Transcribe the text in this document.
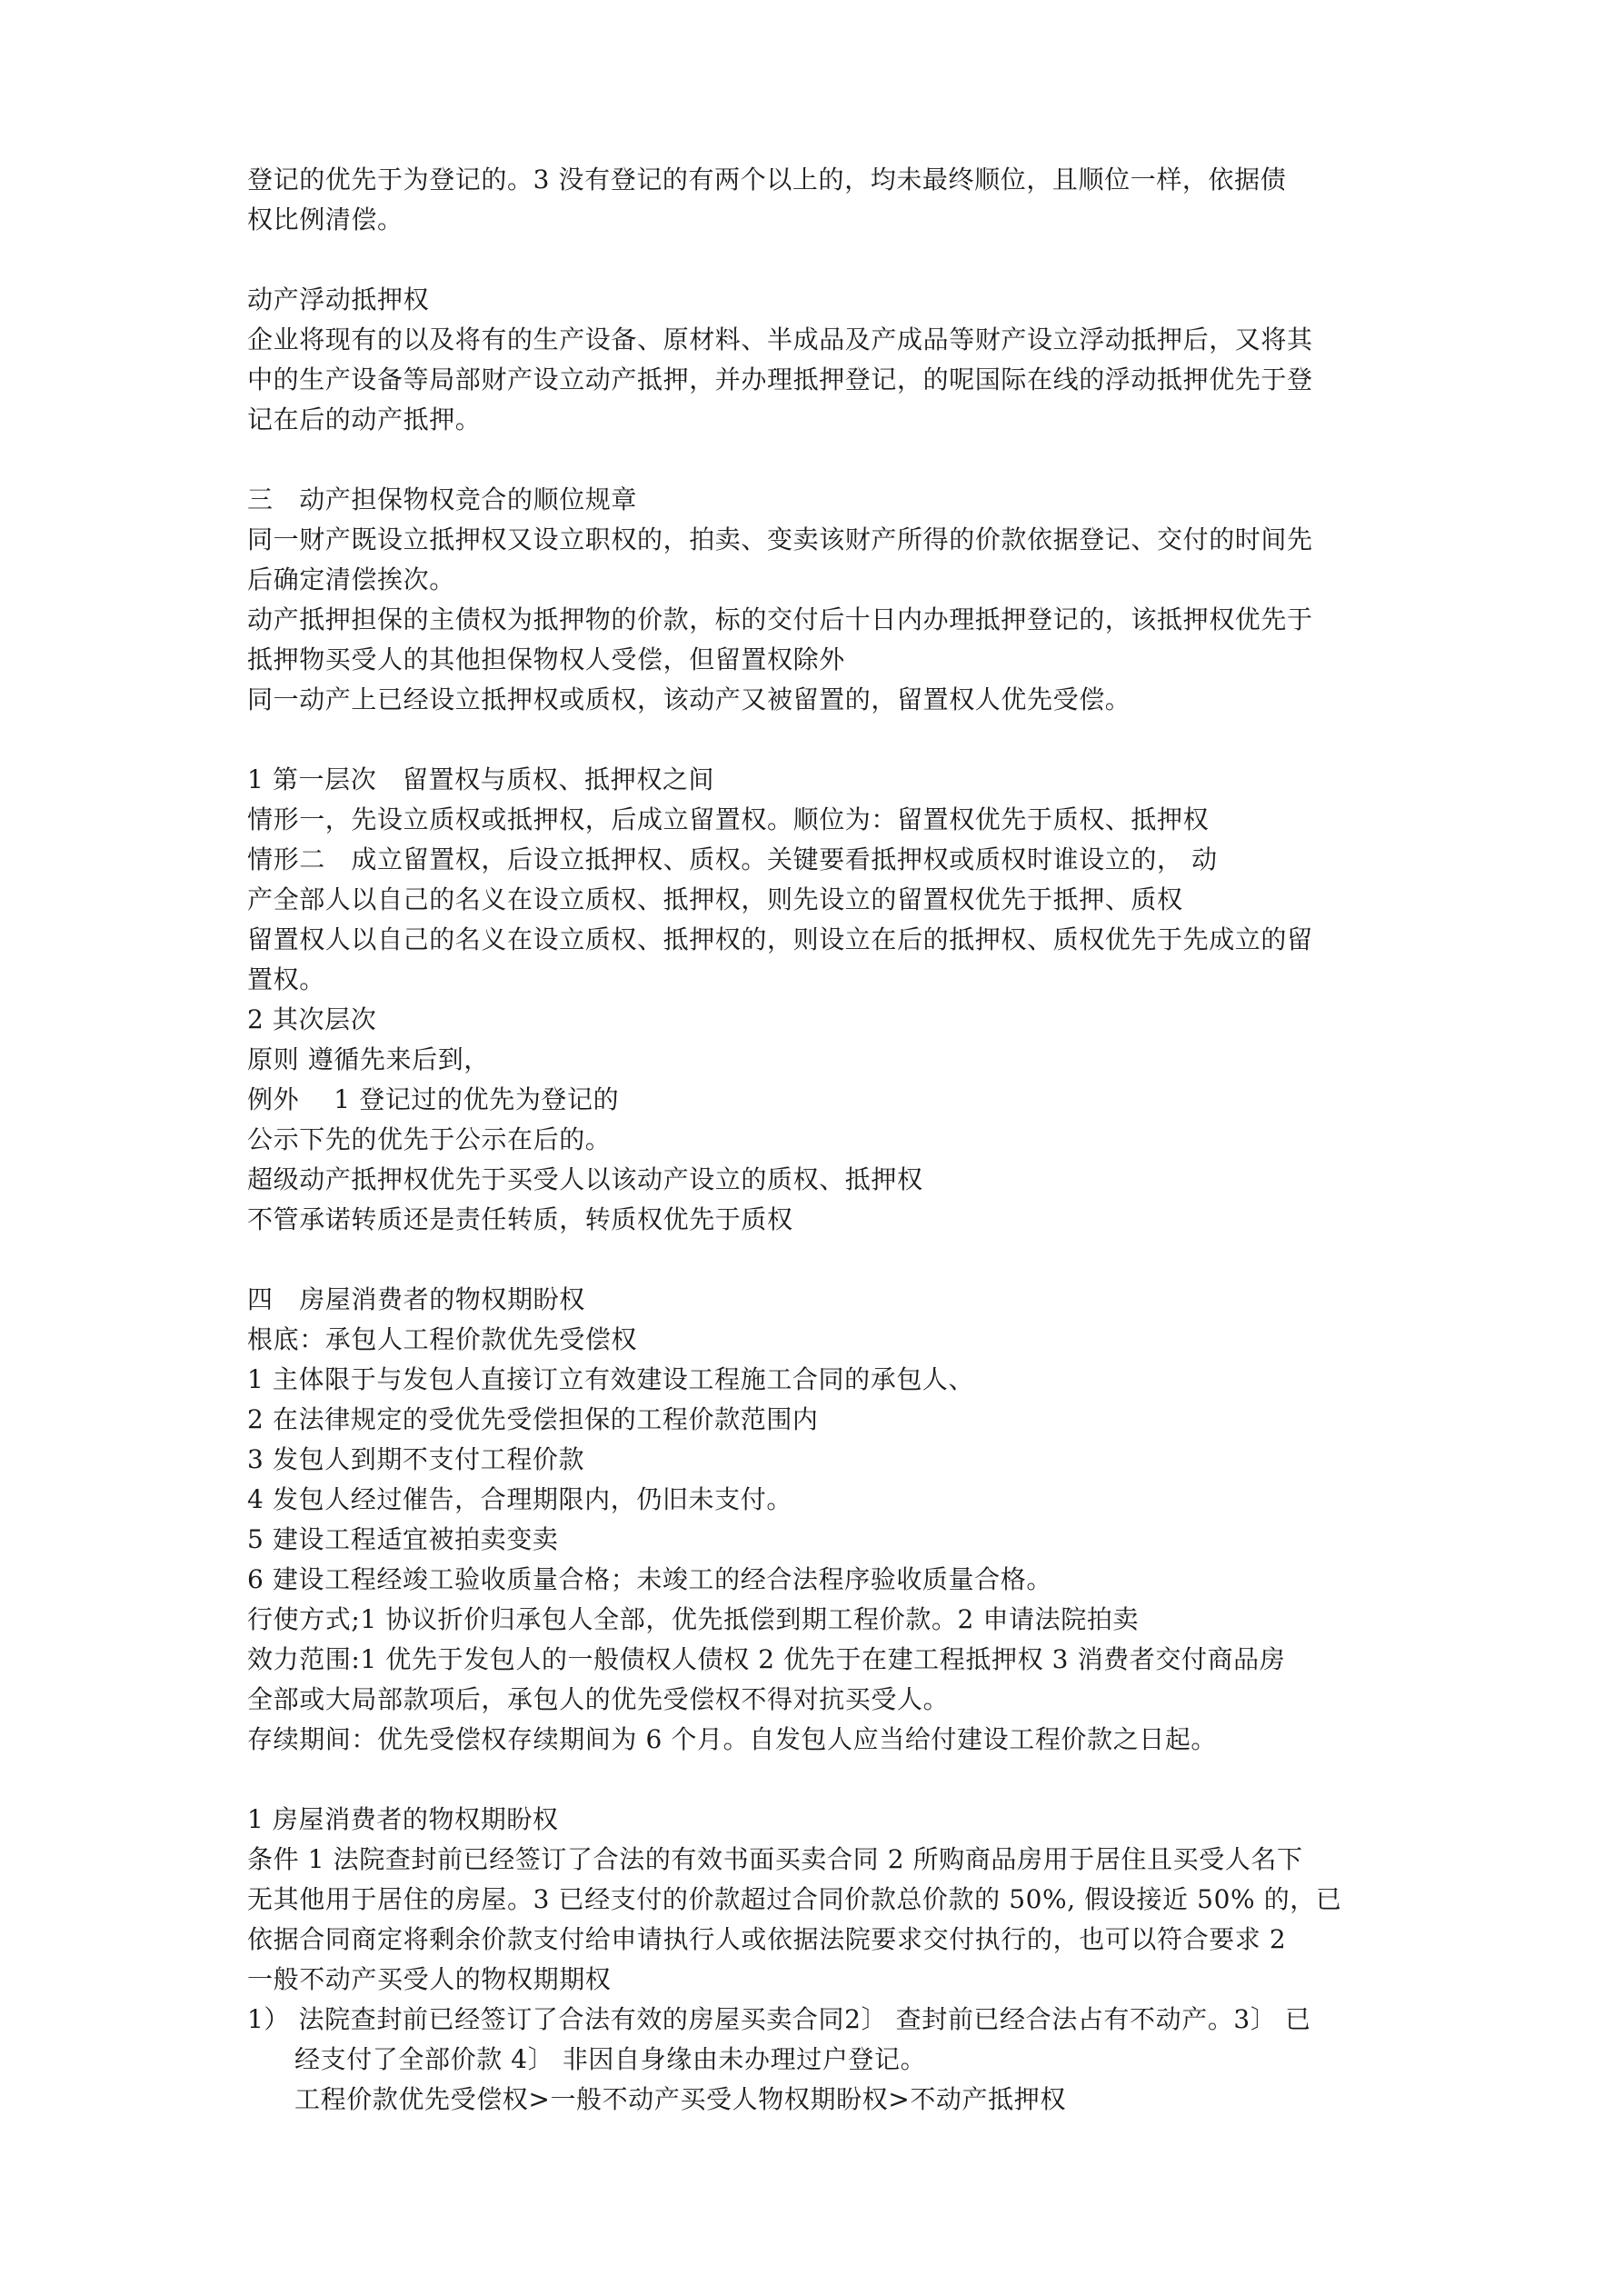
登记的优先于为登记的。3 没有登记的有两个以上的，均未最终顺位，且顺位一样，依据债
权比例清偿。
动产浮动抵押权
企业将现有的以及将有的生产设备、原材料、半成品及产成品等财产设立浮动抵押后，又将其
中的生产设备等局部财产设立动产抵押，并办理抵押登记，的呢国际在线的浮动抵押优先于登
记在后的动产抵押。
三　动产担保物权竞合的顺位规章
同一财产既设立抵押权又设立职权的，拍卖、变卖该财产所得的价款依据登记、交付的时间先
后确定清偿挨次。
动产抵押担保的主债权为抵押物的价款，标的交付后十日内办理抵押登记的，该抵押权优先于
抵押物买受人的其他担保物权人受偿，但留置权除外
同一动产上已经设立抵押权或质权，该动产又被留置的，留置权人优先受偿。
1 第一层次　留置权与质权、抵押权之间
情形一，先设立质权或抵押权，后成立留置权。顺位为：留置权优先于质权、抵押权
情形二　成立留置权，后设立抵押权、质权。关键要看抵押权或质权时谁设立的， 动
产全部人以自己的名义在设立质权、抵押权，则先设立的留置权优先于抵押、质权
留置权人以自己的名义在设立质权、抵押权的，则设立在后的抵押权、质权优先于先成立的留
置权。
2 其次层次
原则 遵循先来后到，
例外　 1 登记过的优先为登记的
公示下先的优先于公示在后的。
超级动产抵押权优先于买受人以该动产设立的质权、抵押权
不管承诺转质还是责任转质，转质权优先于质权
四　房屋消费者的物权期盼权
根底：承包人工程价款优先受偿权
1 主体限于与发包人直接订立有效建设工程施工合同的承包人、
2 在法律规定的受优先受偿担保的工程价款范围内
3 发包人到期不支付工程价款
4 发包人经过催告，合理期限内，仍旧未支付。
5 建设工程适宜被拍卖变卖
6 建设工程经竣工验收质量合格；未竣工的经合法程序验收质量合格。
行使方式;1 协议折价归承包人全部，优先抵偿到期工程价款。2 申请法院拍卖
效力范围:1 优先于发包人的一般债权人债权 2 优先于在建工程抵押权 3 消费者交付商品房
全部或大局部款项后，承包人的优先受偿权不得对抗买受人。
存续期间：优先受偿权存续期间为 6 个月。自发包人应当给付建设工程价款之日起。
1 房屋消费者的物权期盼权
条件 1 法院查封前已经签订了合法的有效书面买卖合同 2 所购商品房用于居住且买受人名下
无其他用于居住的房屋。3 已经支付的价款超过合同价款总价款的 50%, 假设接近 50% 的，已
依据合同商定将剩余价款支付给申请执行人或依据法院要求交付执行的，也可以符合要求 2
一般不动产买受人的物权期期权
1） 法院查封前已经签订了合法有效的房屋买卖合同2〕 查封前已经合法占有不动产。3〕 已
经支付了全部价款 4〕 非因自身缘由未办理过户登记。
工程价款优先受偿权>一般不动产买受人物权期盼权>不动产抵押权
